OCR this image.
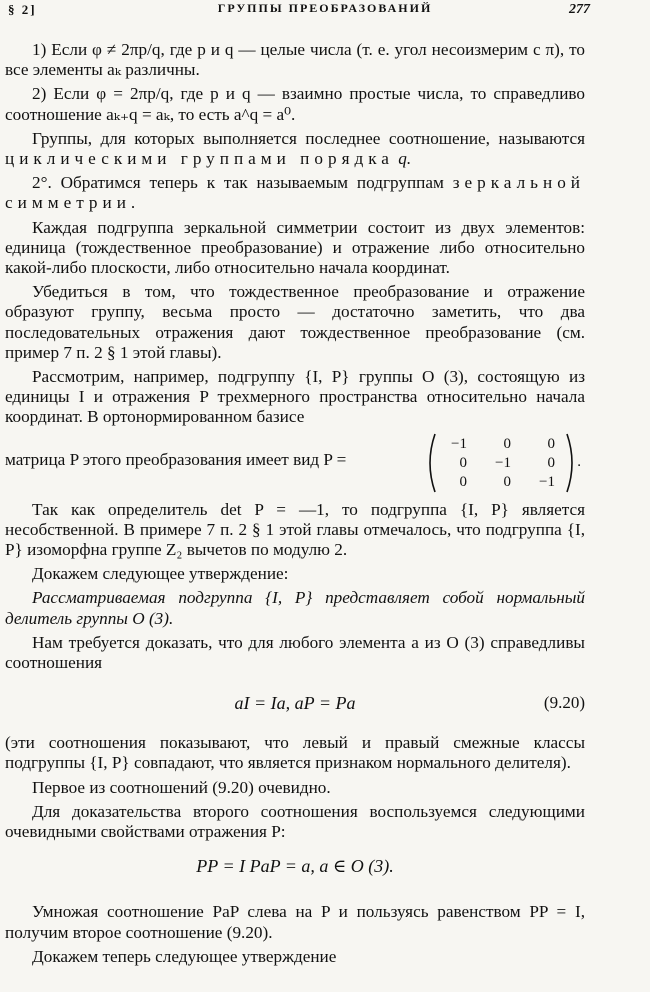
§ 2]	ГРУППЫ ПРЕОБРАЗОВАНИЙ	277

1) Если φ ≠ 2πp/q, где p и q — целые числа (т. е. угол несоизмерим с π), то все элементы aₖ различны.

2) Если φ = 2πp/q, где p и q — взаимно простые числа, то справедливо соотношение aₖ₊q = aₖ, то есть a^q = a⁰.

Группы, для которых выполняется последнее соотношение, называются циклическими группами порядка q.

2°. Обратимся теперь к так называемым подгруппам зеркальной симметрии.

Каждая подгруппа зеркальной симметрии состоит из двух элементов: единица (тождественное преобразование) и отражение либо относительно какой-либо плоскости, либо относительно начала координат.

Убедиться в том, что тождественное преобразование и отражение образуют группу, весьма просто — достаточно заметить, что два последовательных отражения дают тождественное преобразование (см. пример 7 п. 2 § 1 этой главы).

Рассмотрим, например, подгруппу {I, P} группы O (3), состоящую из единицы I и отражения P трехмерного пространства относительно начала координат. В ортонормированном базисе

матрица P этого преобразования имеет вид P =
−1	0	0
0	−1	0
0	0	−1
.

Так как определитель det P = —1, то подгруппа {I, P} является несобственной. В примере 7 п. 2 § 1 этой главы отмечалось, что подгруппа {I, P} изоморфна группе Z₂ вычетов по модулю 2.

Докажем следующее утверждение:

Рассматриваемая подгруппа {I, P} представляет собой нормальный делитель группы O (3).

Нам требуется доказать, что для любого элемента a из O (3) справедливы соотношения

aI = Ia, aP = Pa	(9.20)

(эти соотношения показывают, что левый и правый смежные классы подгруппы {I, P} совпадают, что является признаком нормального делителя).

Первое из соотношений (9.20) очевидно.

Для доказательства второго соотношения воспользуемся следующими очевидными свойствами отражения P:

PP = I PaP = a, a ∈ O (3).

Умножая соотношение PaP слева на P и пользуясь равенством PP = I, получим второе соотношение (9.20).

Докажем теперь следующее утверждение
